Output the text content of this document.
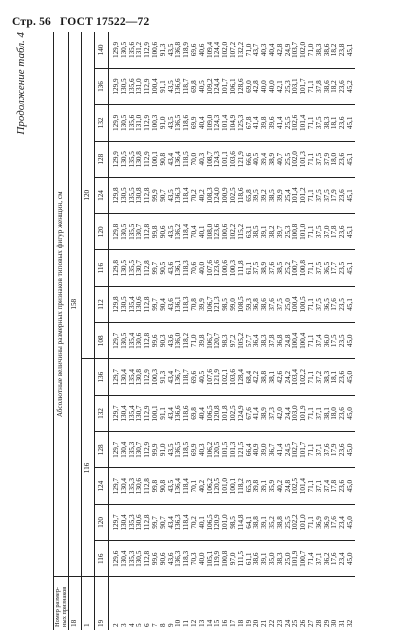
Стр. 56 ГОСТ 17522—72
Продолжение табл. 4
Номер размер-ных признаков	Абсолютные величины размерных признаков типовых фигур женщин, см														
18	158														
1	116						120								
19	116	120	124	128	132	136	108	112	116	120	124	128	132	136	140

2	129,6	129,7	129,7	129,7	129,7	129,7	129,7	129,8	129,8	129,8	129,8	129,9	129,9	129,9	129,9
3	130,4	130,4	130,4	130,4	130,4	130,4	130,5	130,5	130,5	130,5	130,5	130,5	130,5	130,5	130,5
4	135,3	135,3	135,3	135,3	135,4	135,4	135,4	135,4	135,5	135,5	135,5	135,5	135,6	135,6	135,6
5	130,5	130,6	130,6	130,7	130,7	130,8	130,6	130,6	130,7	130,7	130,8	130,8	131,0	131,0	131,2
6	112,8	112,8	112,8	112,9	112,9	112,9	112,8	112,8	112,8	112,8	112,8	112,9	112,9	112,9	112,9
7	99,6	99,7	99,8	99,9	100,1	100,3	99,6	99,7	99,7	99,8	99,9	100,1	100,3	100,4	100,6
8	90,6	90,7	90,8	91,0	91,1	91,3	90,3	90,4	90,5	90,6	90,7	90,8	91,0	91,1	91,3
9	43,6	43,4	43,5	43,5	43,4	43,4	43,6	43,6	43,6	43,5	43,5	43,4	43,5	43,5	43,5
10	136,3	136,3	136,4	136,5	136,6	136,7	136,0	136,1	136,1	136,2	136,3	136,4	136,5	136,6	136,8
11	118,3	118,4	118,4	118,5	118,6	118,7	118,2	118,3	118,3	118,4	118,4	118,5	118,6	118,7	118,9
12	70,3	70,2	70,1	69,9	69,8	69,6	71,0	70,8	70,6	70,4	70,2	70,0	69,9	69,8	69,6
13	40,0	40,1	40,2	40,3	40,4	40,5	39,8	39,9	40,0	40,1	40,2	40,3	40,4	40,5	40,6
14	105,1	106,5	106,2	106,2	106,5	107,6	106,7	106,7	107,6	108,0	108,3	108,7	109,0	109,2	109,4
15	119,9	120,9	120,5	120,5	120,8	121,9	120,7	121,3	123,6	123,6	124,0	124,3	124,3	124,4	124,4
16	100,8	101,0	101,0	101,5	101,8	102,1	98,3	98,5	100,6	100,6	100,9	101,1	101,4	101,7	102,0
17	97,0	98,5	100,1	101,3	102,5	103,6	97,2	99,0	100,3	102,2	102,5	103,6	104,9	106,1	107,2
18	111,5	114,8	118,2	121,5	124,9	128,4	105,2	108,5	111,8	115,2	118,6	121,9	125,3	128,6	132,2
19	61,1	64,1	65,3	66,4	67,6	68,4	57,7	59,3	61,1	63,1	65,8	66,6	67,8	69,0	71,0
20	38,6	38,8	39,8	40,9	41,4	42,2	36,4	36,8	37,5	38,5	39,5	40,5	41,4	42,8	43,7
21	39,1	39,1	39,1	39,0	38,9	38,8	38,3	38,6	38,9	39,1	39,2	39,4	39,8	40,0	40,3
22	35,0	35,2	35,9	36,7	37,3	38,1	37,8	37,6	37,6	38,2	38,5	38,9	39,6	40,0	40,4
23	38,3	38,8	40,2	41,4	42,0	42,6	36,8	37,5	38,5	39,7	39,9	40,7	41,4	42,1	42,8
24	25,0	25,5	24,8	24,5	24,4	24,2	24,8	25,0	25,2	25,3	25,4	25,5	25,5	25,3	24,9
25	101,9	102,2	102,5	102,7	103,0	103,4	100,4	100,4	100,7	100,8	101,4	102,0	102,6	103,1	103,7
26	100,7	101,0	101,4	101,7	101,9	102,2	100,4	100,5	100,8	101,0	101,2	101,3	101,4	101,7	102,0
27	71,4	71,1	71,1	71,1	71,1	71,1	71,1	71,1	71,1	71,1	71,1	71,1	71,1	71,1	71,0
28	37,1	36,9	37,1	37,1	37,1	37,2	37,4	37,5	37,5	37,5	37,5	37,5	37,5	37,8	38,3
29	36,2	36,9	37,4	37,6	38,1	38,3	36,0	36,5	36,5	37,0	37,5	37,9	38,3	38,6	38,6
30	17,6	17,6	17,8	17,9	18,0	18,1	17,5	17,6	17,7	17,8	17,9	18,0	18,1	18,2	18,2
31	23,4	23,4	23,6	23,6	23,6	23,6	23,5	23,5	23,5	23,6	23,6	23,6	23,6	23,6	23,8
32	45,0	45,0	45,0	45,0	45,0	45,0	45,0	45,1	45,1	45,1	45,1	45,1	45,1	45,2	45,1
